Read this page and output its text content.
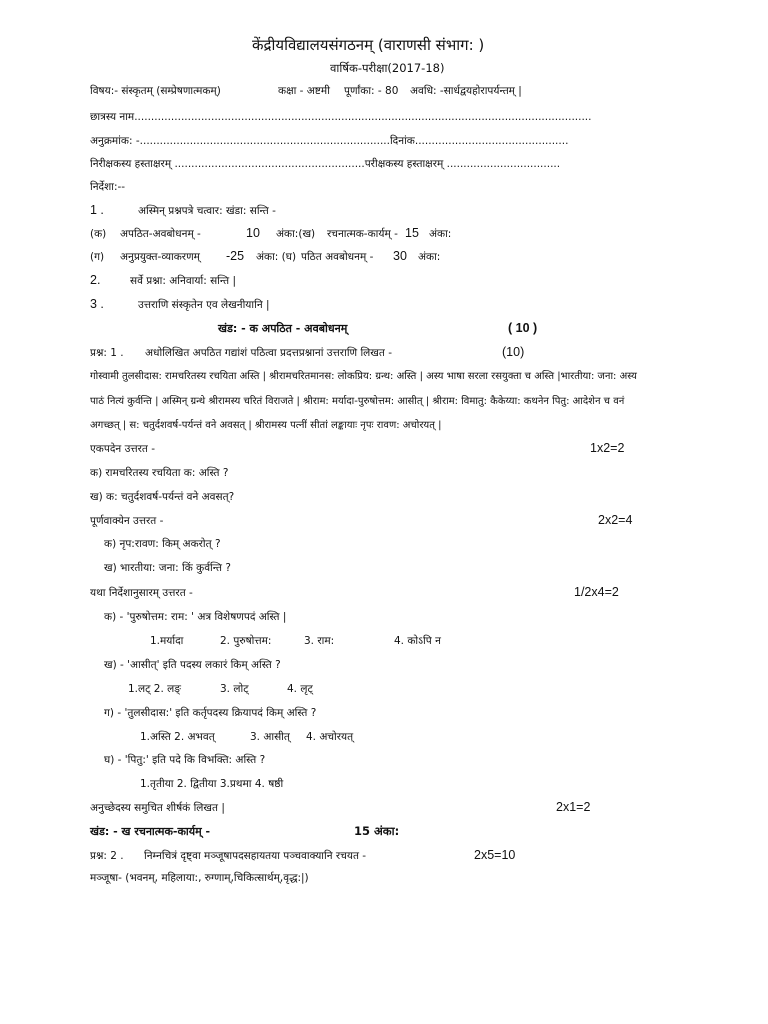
केंद्रीयविद्यालयसंगठनम् (वाराणसी संभाग: )
वार्षिक-परीक्षा(2017-18)
विषय:- संस्कृतम् (सम्प्रेषणात्मकम्)	कक्षा - अष्टमी पूर्णांका: - 80 अवधि: -सार्धद्वयहोरापर्यन्तम् |
छात्रस्य नाम.........................................................................................................................................
अनुक्रमांक: -...........................................................................दिनांक..............................................
निरीक्षकस्य हस्ताक्षरम् .........................................................परीक्षकस्य हस्ताक्षरम् ..................................
निर्देशा:--
1 .	अस्मिन् प्रश्नपत्रे चत्वार: खंडा: सन्ति -
(क) अपठित-अवबोधनम् -	10 अंका:(ख) रचनात्मक-कार्यम् - 15 अंका:
(ग) अनुप्रयुक्त-व्याकरणम् -25 अंका: (घ) पठित अवबोधनम् - 30 अंका:
2.	सर्वे प्रश्ना: अनिवार्या: सन्ति |
3 .	उत्तराणि संस्कृतेन एव लेखनीयानि |
खंड: - क अपठित - अवबोधनम्	( 10 )
प्रश्न: 1 . अधोलिखित अपठित गद्यांशं पठित्वा प्रदत्तप्रश्नानां उत्तराणि लिखत -	(10)
गोस्वामी तुलसीदास: रामचरितस्य रचयिता अस्ति | श्रीरामचरितमानस: लोकप्रिय: ग्रन्थ: अस्ति | अस्य भाषा सरला रसयुक्ता च अस्ति |भारतीया: जना: अस्य
पाठं नित्यं कुर्वन्ति | अस्मिन् ग्रन्थे श्रीरामस्य चरितं विराजते | श्रीराम: मर्यादा-पुरुषोत्तम: आसीत् | श्रीराम: विमातु: कैकेय्या: कथनेन पितु: आदेशेन च वनं
अगच्छत् | स: चतुर्दशवर्ष-पर्यन्तं वने अवसत् | श्रीरामस्य पत्नीं सीतां लङ्कायाः नृपः रावण: अचोरयत् |
एकपदेन उत्तरत -	1x2=2
क) रामचरितस्य रचयिता क: अस्ति ?
ख) क: चतुर्दशवर्ष-पर्यन्तं वने अवसत्?
पूर्णवाक्येन उत्तरत -	2x2=4
क) नृप:रावण: किम् अकरोत् ?
ख) भारतीया: जना: किं कुर्वन्ति ?
यथा निर्देशानुसारम् उत्तरत -	1/2x4=2
क) - 'पुरुषोत्तम: राम: ' अत्र विशेषणपदं अस्ति |
1.मर्यादा	2. पुरुषोत्तम:	3. राम:	4. कोऽपि न
ख) - 'आसीत्' इति पदस्य लकारं किम् अस्ति ?
1.लट् 2. लङ्	3. लोट्	4. लृट्
ग) - 'तुलसीदास:' इति कर्तृपदस्य क्रियापदं किम् अस्ति ?
1.अस्ति 2. अभवत्	3. आसीत् 4. अचोरयत्
घ) - 'पितु:' इति पदे कि विभक्ति: अस्ति ?
1.तृतीया 2. द्वितीया 3.प्रथमा 4. षष्ठी
अनुच्छेदस्य समुचित शीर्षकं लिखत |	2x1=2
खंड: - ख रचनात्मक-कार्यम् -	15 अंका:
प्रश्न: 2 . निम्नचित्रं दृष्ट्वा मञ्जूषापदसहायतया पञ्चवाक्यानि रचयत -	2x5=10
मञ्जूषा- (भवनम्, महिलाया:, रुग्णाम्,चिकित्सार्थम्,वृद्ध:|)
